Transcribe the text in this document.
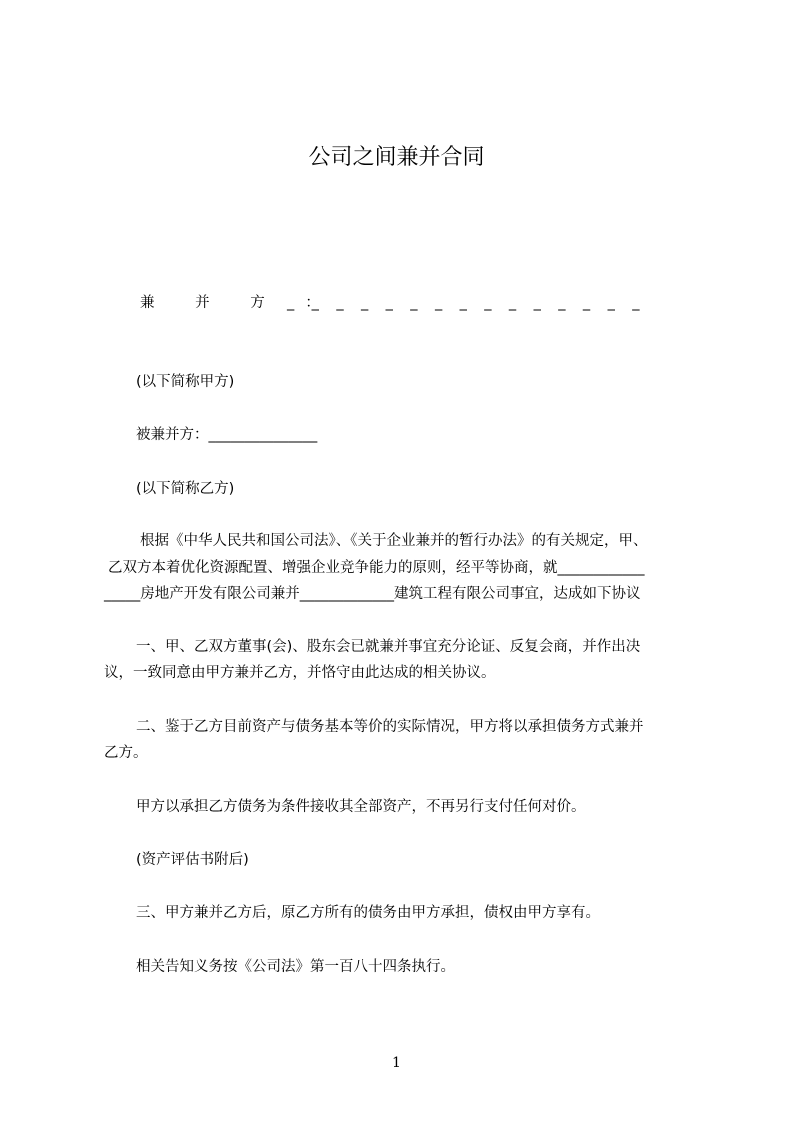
公司之间兼并合同
兼 并 方 ：
_ _ _ _ _ _ _ _ _ _ _ _ _ _ _
(以下简称甲方)
被兼并方：_______________
(以下简称乙方)
根据《中华人民共和国公司法》、《关于企业兼并的暂行办法》的有关规定，甲、
乙双方本着优化资源配置、增强企业竞争能力的原则，经平等协商，就____________
_____房地产开发有限公司兼并_____________建筑工程有限公司事宜，达成如下协议
一、甲、乙双方董事(会)、股东会已就兼并事宜充分论证、反复会商，并作出决
议，一致同意由甲方兼并乙方，并恪守由此达成的相关协议。
二、鉴于乙方目前资产与债务基本等价的实际情况，甲方将以承担债务方式兼并
乙方。
甲方以承担乙方债务为条件接收其全部资产，不再另行支付任何对价。
(资产评估书附后)
三、甲方兼并乙方后，原乙方所有的债务由甲方承担，债权由甲方享有。
相关告知义务按《公司法》第一百八十四条执行。
1
